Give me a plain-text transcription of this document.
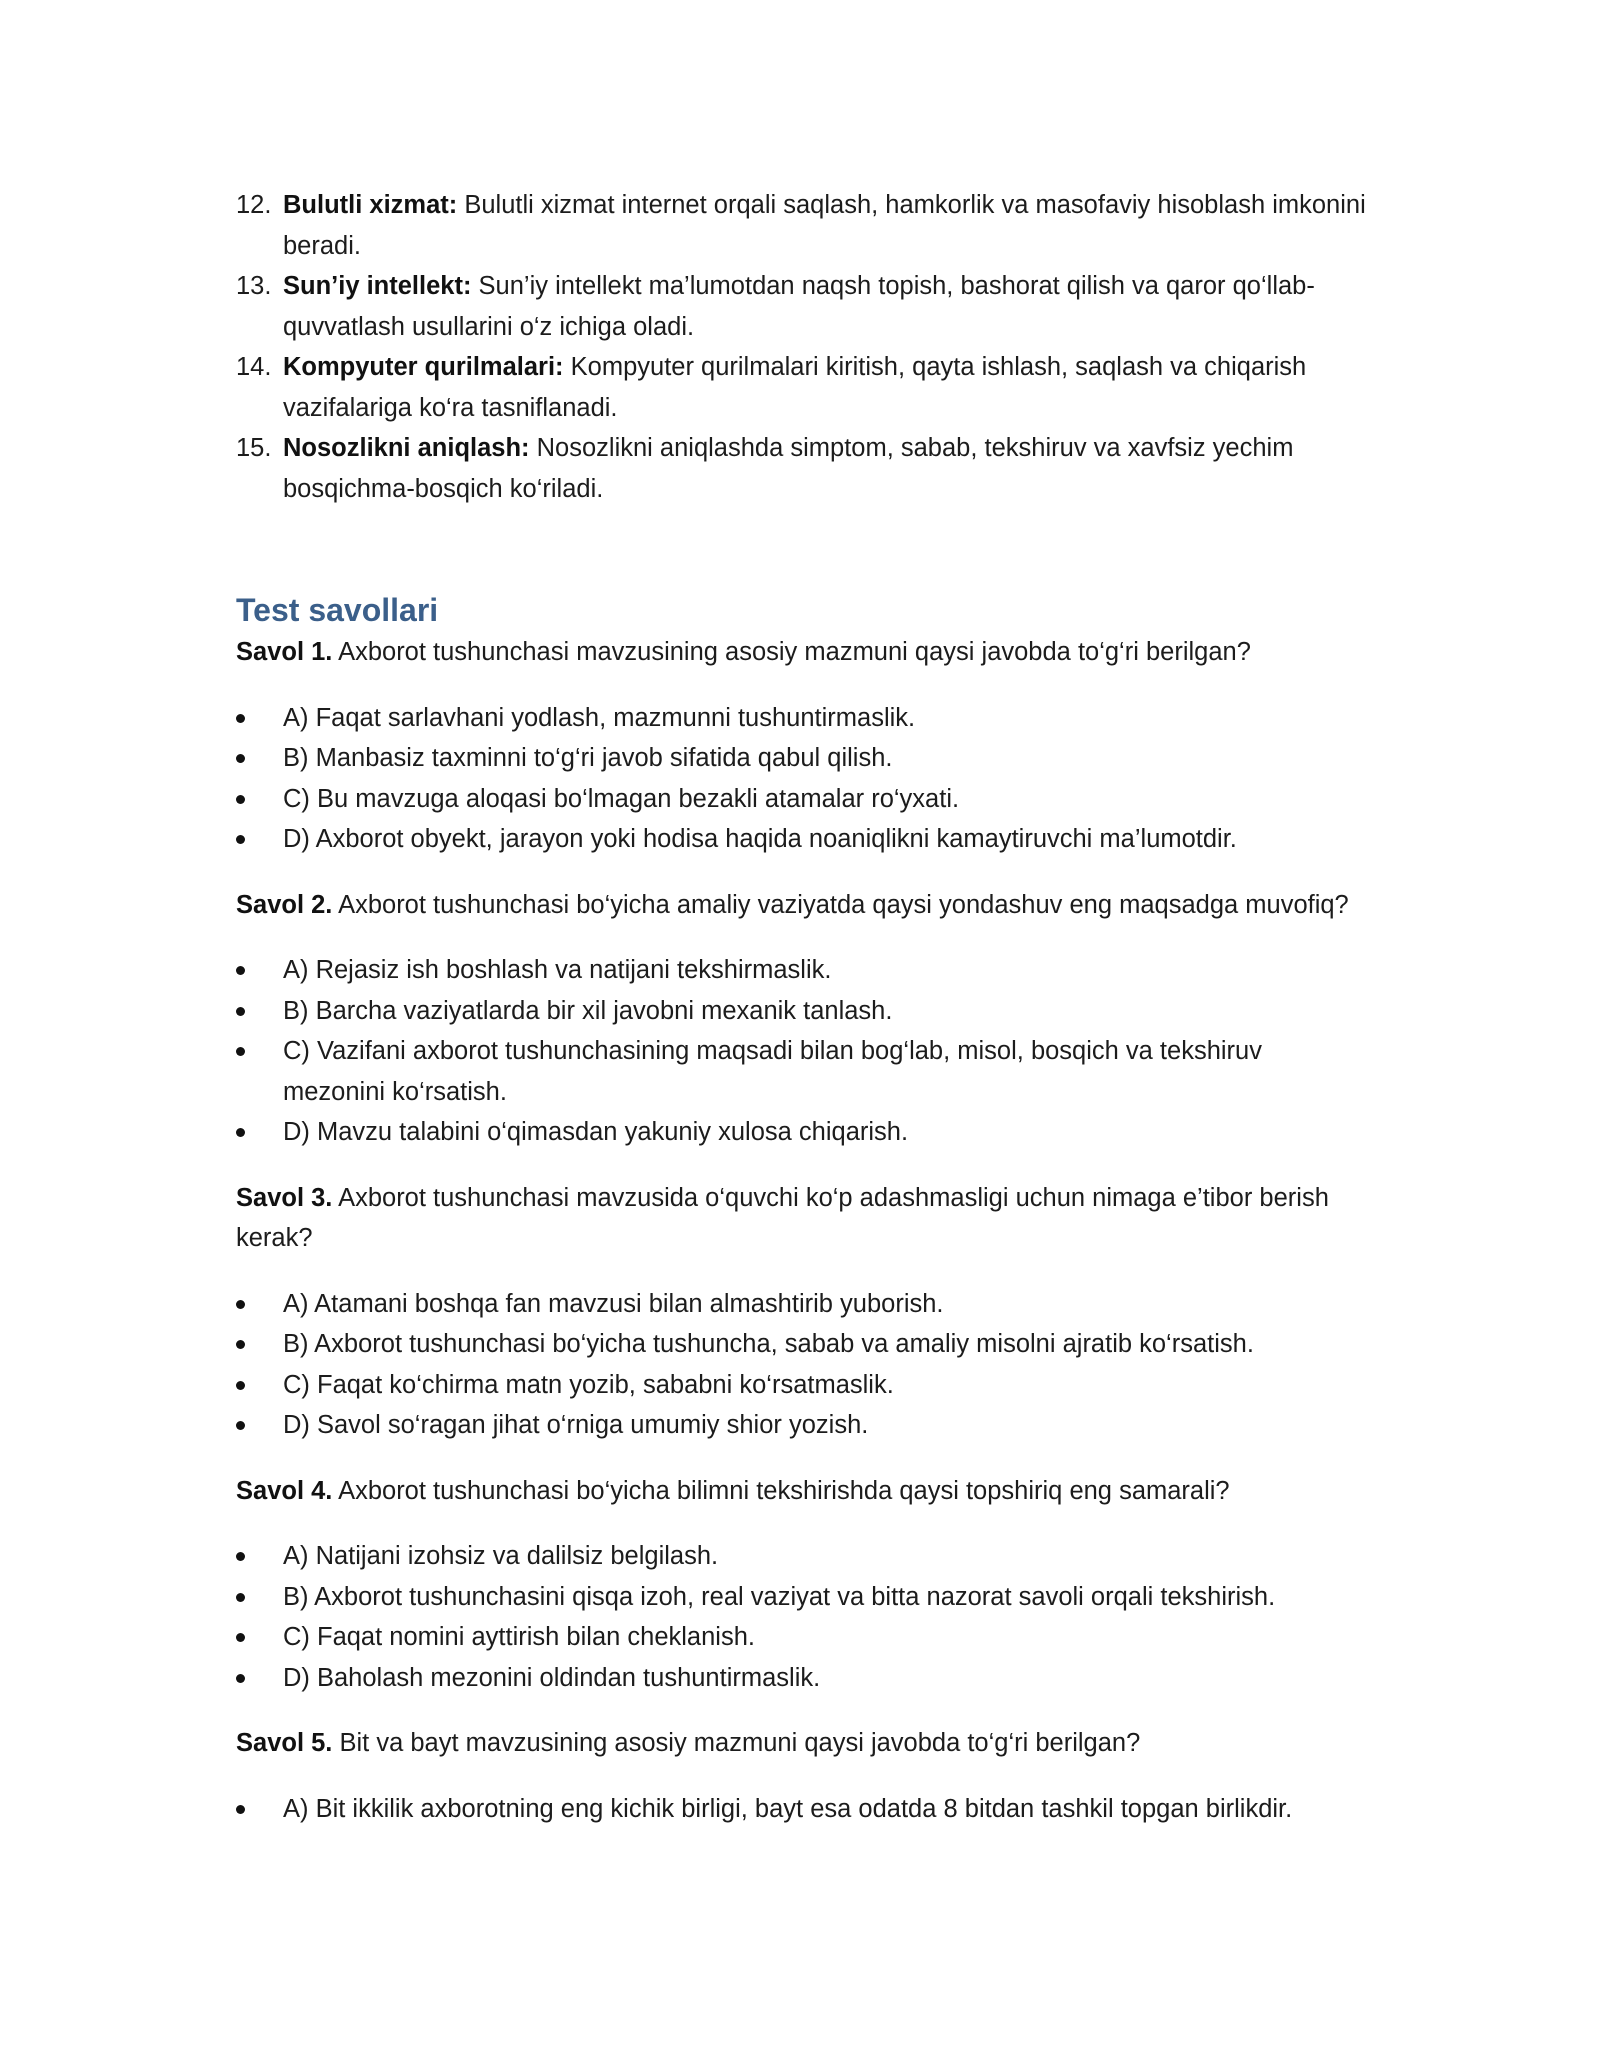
12. Bulutli xizmat: Bulutli xizmat internet orqali saqlash, hamkorlik va masofaviy hisoblash imkonini beradi.
13. Sun’iy intellekt: Sun’iy intellekt ma’lumotdan naqsh topish, bashorat qilish va qaror qo‘llab-quvvatlash usullarini o‘z ichiga oladi.
14. Kompyuter qurilmalari: Kompyuter qurilmalari kiritish, qayta ishlash, saqlash va chiqarish vazifalariga ko‘ra tasniflanadi.
15. Nosozlikni aniqlash: Nosozlikni aniqlashda simptom, sabab, tekshiruv va xavfsiz yechim bosqichma-bosqich ko‘riladi.
Test savollari

Savol 1. Axborot tushunchasi mavzusining asosiy mazmuni qaysi javobda to‘g‘ri berilgan?

A) Faqat sarlavhani yodlash, mazmunni tushuntirmaslik.
B) Manbasiz taxminni to‘g‘ri javob sifatida qabul qilish.
C) Bu mavzuga aloqasi bo‘lmagan bezakli atamalar ro‘yxati.
D) Axborot obyekt, jarayon yoki hodisa haqida noaniqlikni kamaytiruvchi ma’lumotdir.

Savol 2. Axborot tushunchasi bo‘yicha amaliy vaziyatda qaysi yondashuv eng maqsadga muvofiq?

A) Rejasiz ish boshlash va natijani tekshirmaslik.
B) Barcha vaziyatlarda bir xil javobni mexanik tanlash.
C) Vazifani axborot tushunchasining maqsadi bilan bog‘lab, misol, bosqich va tekshiruv mezonini ko‘rsatish.
D) Mavzu talabini o‘qimasdan yakuniy xulosa chiqarish.

Savol 3. Axborot tushunchasi mavzusida o‘quvchi ko‘p adashmasligi uchun nimaga e’tibor berish kerak?

A) Atamani boshqa fan mavzusi bilan almashtirib yuborish.
B) Axborot tushunchasi bo‘yicha tushuncha, sabab va amaliy misolni ajratib ko‘rsatish.
C) Faqat ko‘chirma matn yozib, sababni ko‘rsatmaslik.
D) Savol so‘ragan jihat o‘rniga umumiy shior yozish.

Savol 4. Axborot tushunchasi bo‘yicha bilimni tekshirishda qaysi topshiriq eng samarali?

A) Natijani izohsiz va dalilsiz belgilash.
B) Axborot tushunchasini qisqa izoh, real vaziyat va bitta nazorat savoli orqali tekshirish.
C) Faqat nomini ayttirish bilan cheklanish.
D) Baholash mezonini oldindan tushuntirmaslik.

Savol 5. Bit va bayt mavzusining asosiy mazmuni qaysi javobda to‘g‘ri berilgan?

A) Bit ikkilik axborotning eng kichik birligi, bayt esa odatda 8 bitdan tashkil topgan birlikdir.
